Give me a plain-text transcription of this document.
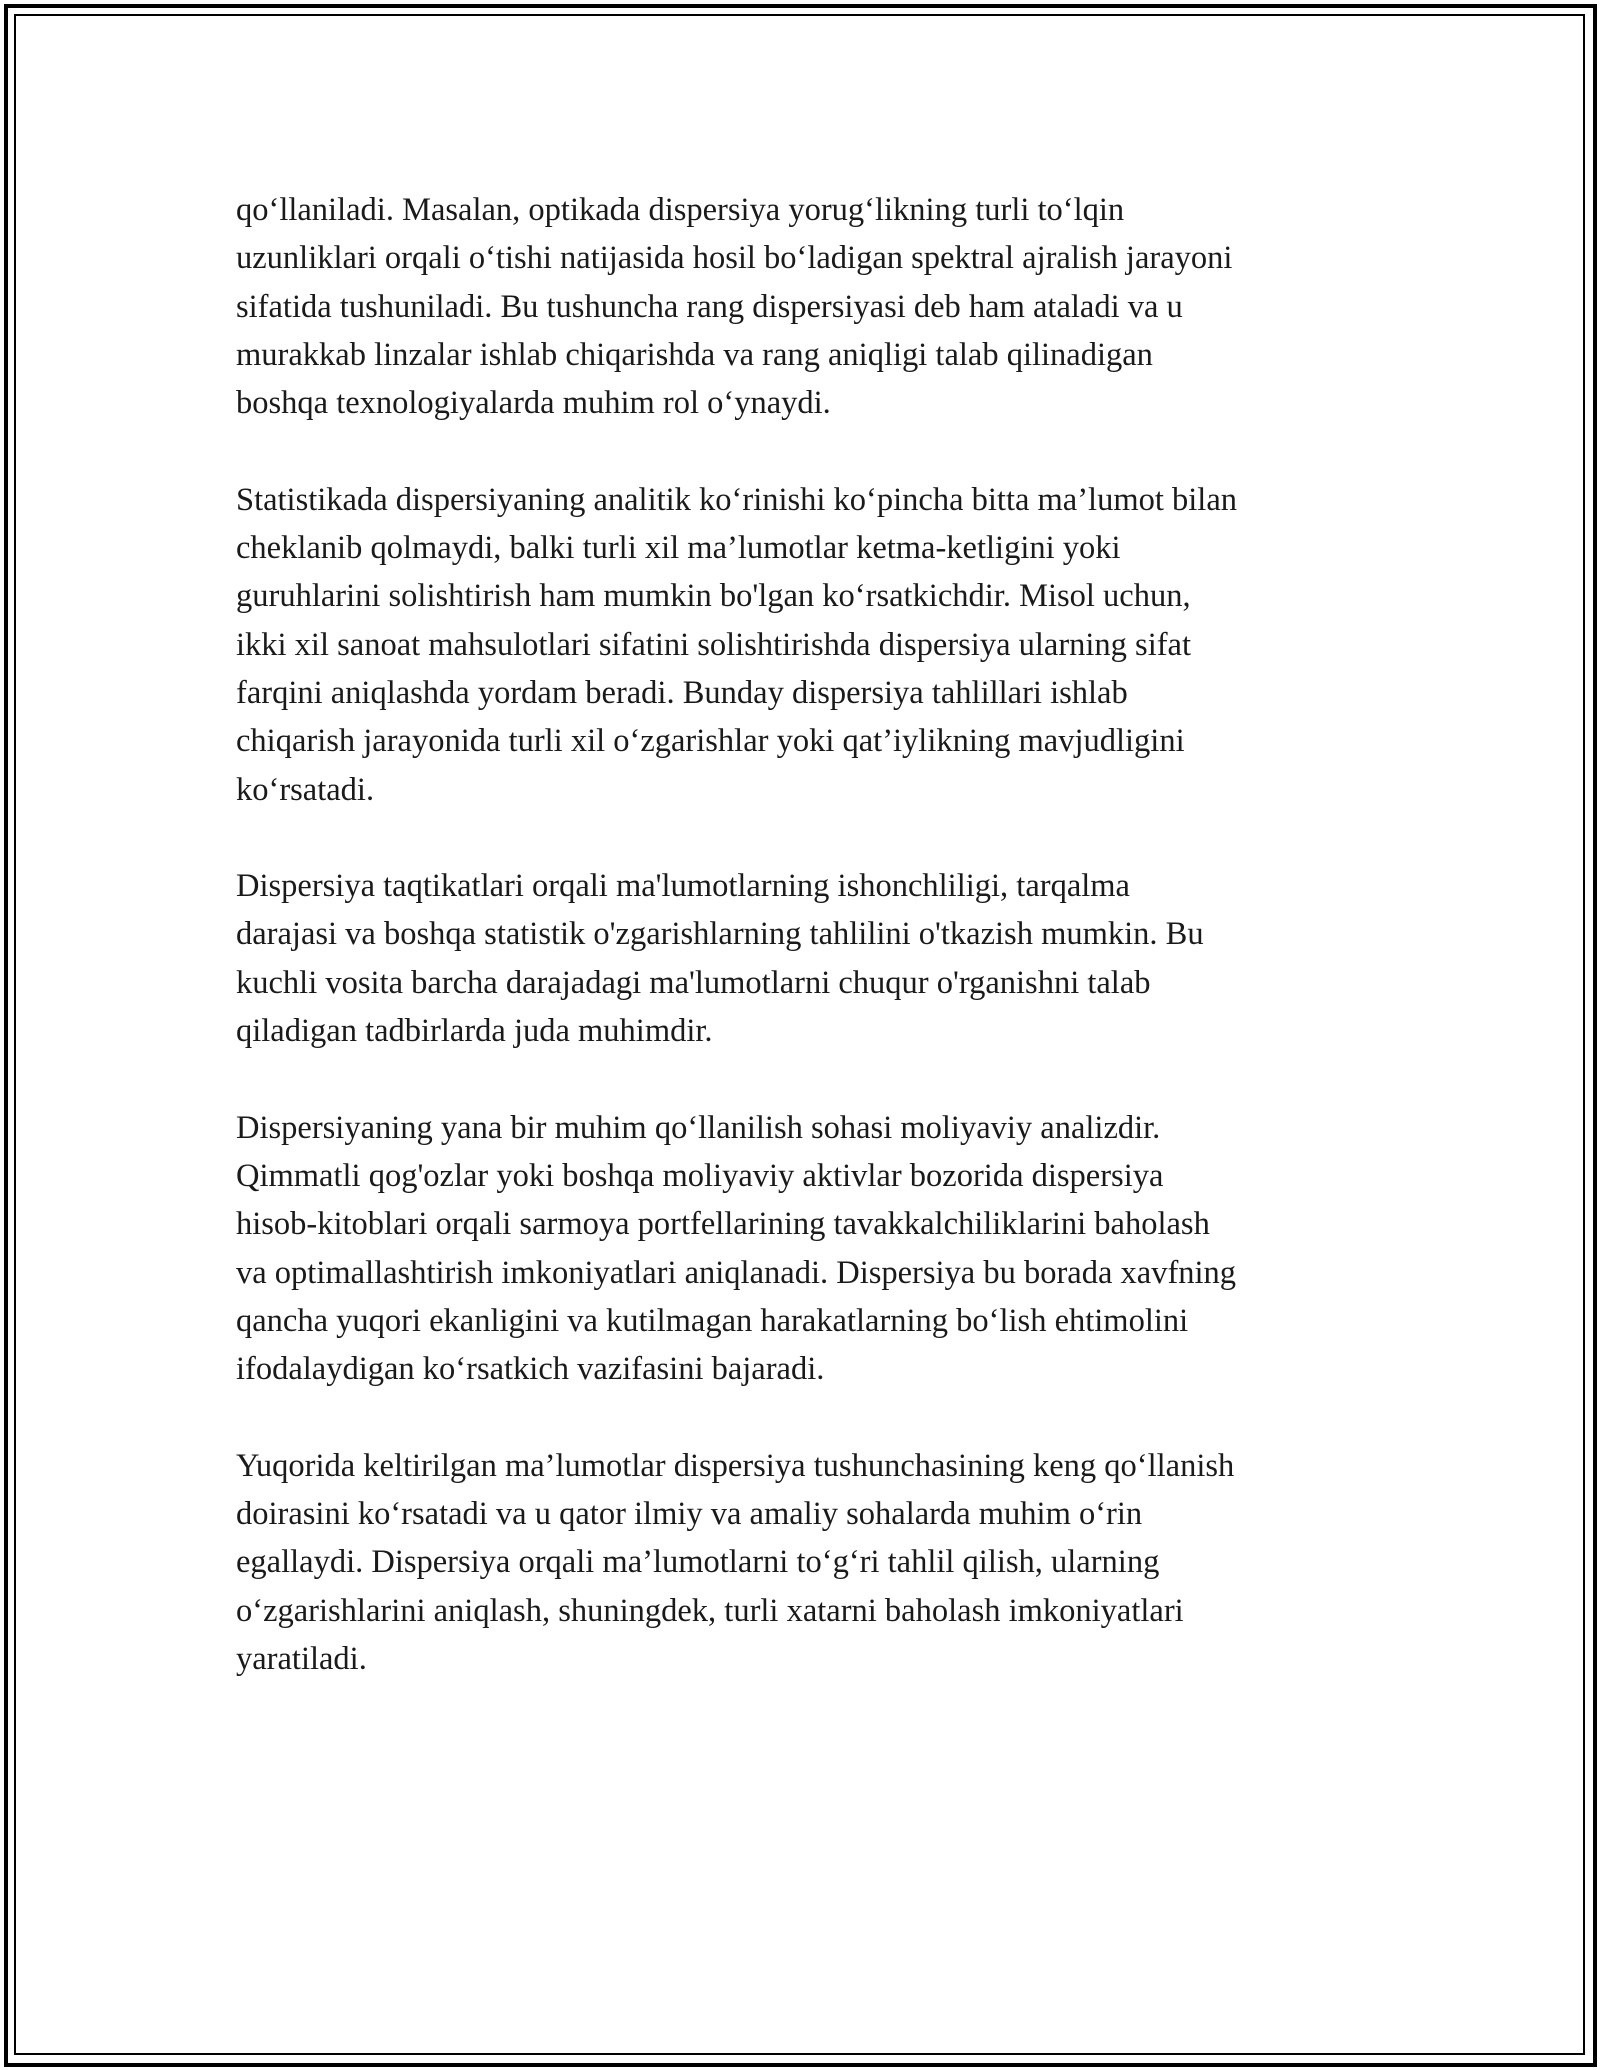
qo‘llaniladi. Masalan, optikada dispersiya yorug‘likning turli to‘lqin
uzunliklari orqali o‘tishi natijasida hosil bo‘ladigan spektral ajralish jarayoni
sifatida tushuniladi. Bu tushuncha rang dispersiyasi deb ham ataladi va u
murakkab linzalar ishlab chiqarishda va rang aniqligi talab qilinadigan
boshqa texnologiyalarda muhim rol o‘ynaydi.

Statistikada dispersiyaning analitik ko‘rinishi ko‘pincha bitta ma’lumot bilan
cheklanib qolmaydi, balki turli xil ma’lumotlar ketma-ketligini yoki
guruhlarini solishtirish ham mumkin bo'lgan ko‘rsatkichdir. Misol uchun,
ikki xil sanoat mahsulotlari sifatini solishtirishda dispersiya ularning sifat
farqini aniqlashda yordam beradi. Bunday dispersiya tahlillari ishlab
chiqarish jarayonida turli xil o‘zgarishlar yoki qat’iylikning mavjudligini
ko‘rsatadi.

Dispersiya taqtikatlari orqali ma'lumotlarning ishonchliligi, tarqalma
darajasi va boshqa statistik o'zgarishlarning tahlilini o'tkazish mumkin. Bu
kuchli vosita barcha darajadagi ma'lumotlarni chuqur o'rganishni talab
qiladigan tadbirlarda juda muhimdir.

Dispersiyaning yana bir muhim qo‘llanilish sohasi moliyaviy analizdir.
Qimmatli qog'ozlar yoki boshqa moliyaviy aktivlar bozorida dispersiya
hisob-kitoblari orqali sarmoya portfellarining tavakkalchiliklarini baholash
va optimallashtirish imkoniyatlari aniqlanadi. Dispersiya bu borada xavfning
qancha yuqori ekanligini va kutilmagan harakatlarning bo‘lish ehtimolini
ifodalaydigan ko‘rsatkich vazifasini bajaradi.

Yuqorida keltirilgan ma’lumotlar dispersiya tushunchasining keng qo‘llanish
doirasini ko‘rsatadi va u qator ilmiy va amaliy sohalarda muhim o‘rin
egallaydi. Dispersiya orqali ma’lumotlarni to‘g‘ri tahlil qilish, ularning
o‘zgarishlarini aniqlash, shuningdek, turli xatarni baholash imkoniyatlari
yaratiladi.
